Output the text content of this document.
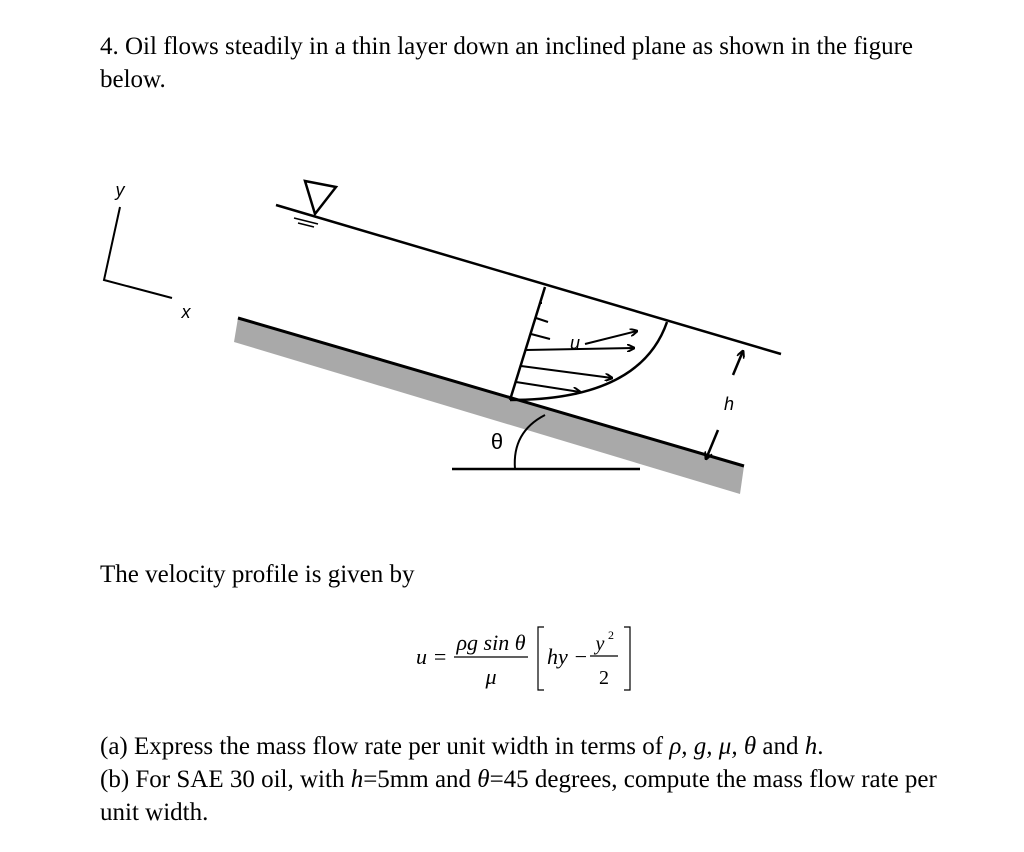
4. Oil flows steadily in a thin layer down an inclined plane as shown in the figure below.

y
x
u
h
θ

The velocity profile is given by

u =
ρg sin θ
μ
hy − y 2
2
(a) Express the mass flow rate per unit width in terms of ρ, g, μ, θ and h.
(b) For SAE 30 oil, with h=5mm and θ=45 degrees, compute the mass flow rate per unit width.
